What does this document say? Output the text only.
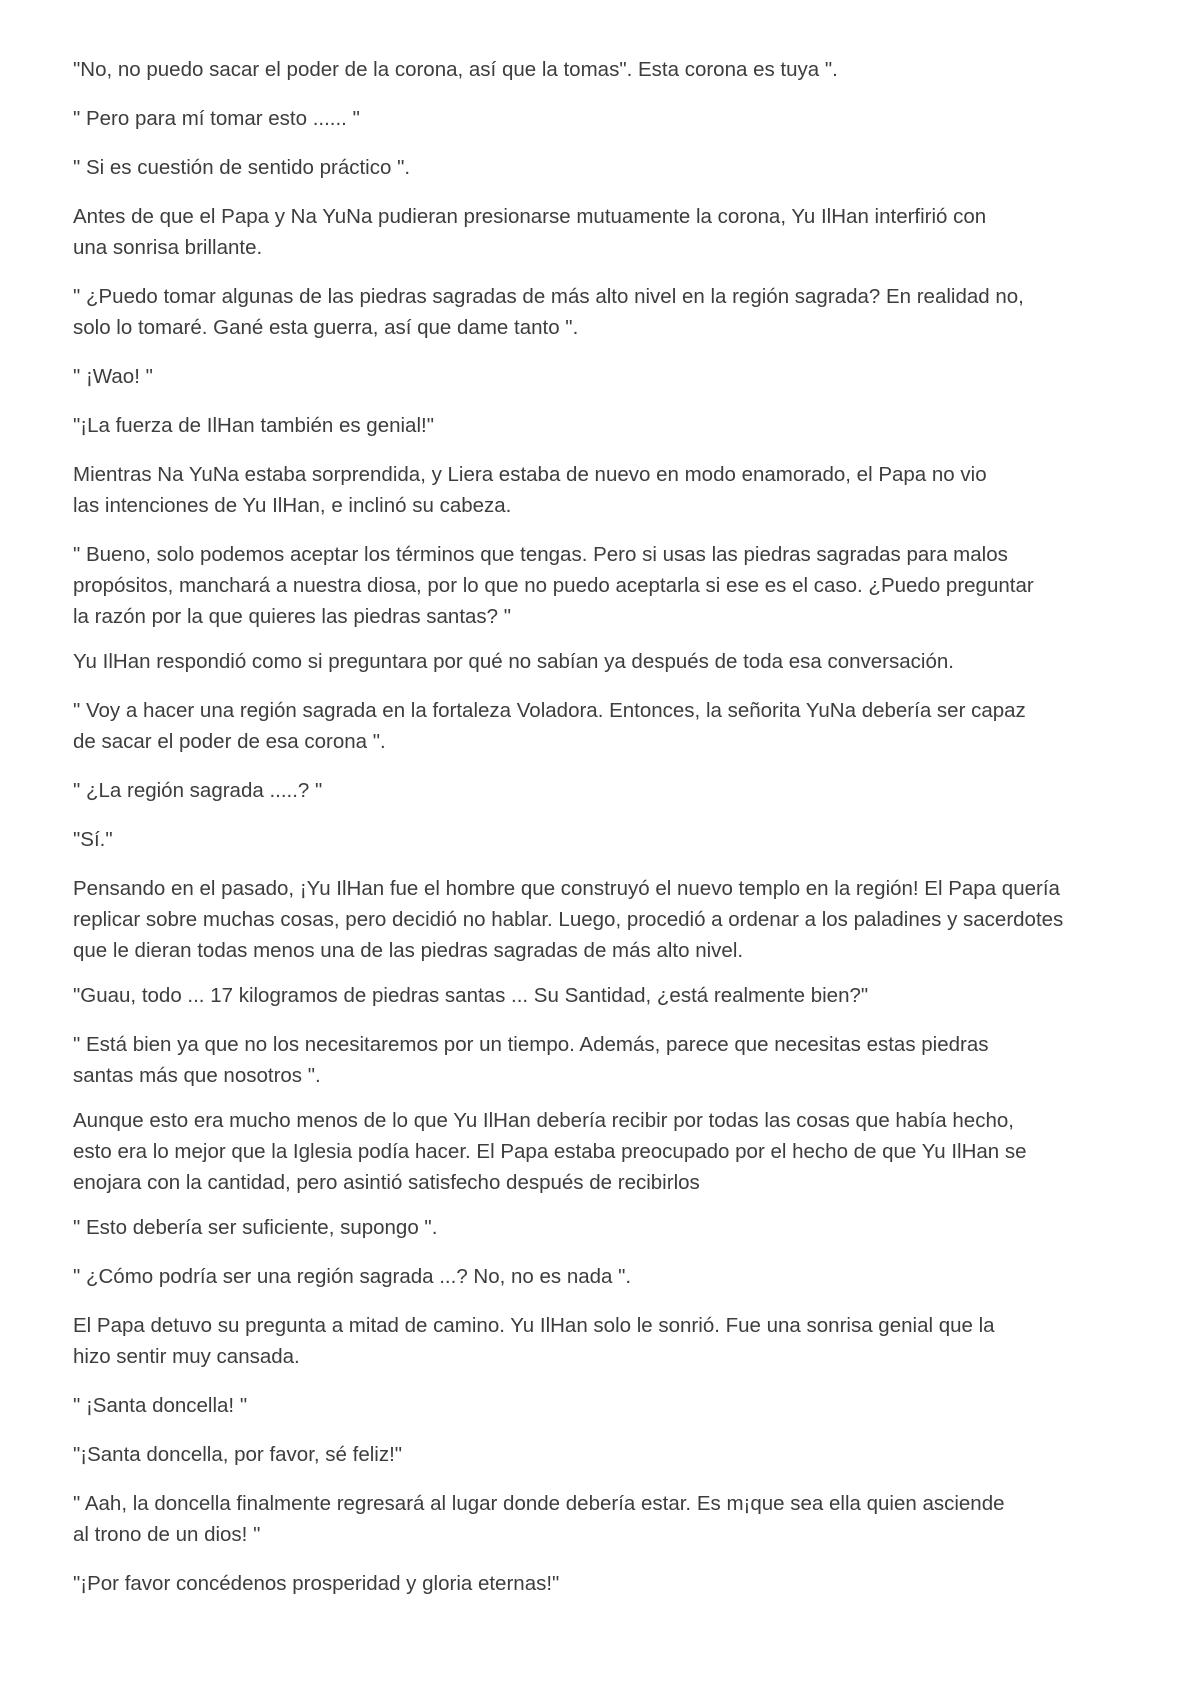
"No, no puedo sacar el poder de la corona, así que la tomas". Esta corona es tuya ".

" Pero para mí tomar esto ...... "

" Si es cuestión de sentido práctico ".

Antes de que el Papa y Na YuNa pudieran presionarse mutuamente la corona, Yu IlHan interfirió con
una sonrisa brillante.

" ¿Puedo tomar algunas de las piedras sagradas de más alto nivel en la región sagrada? En realidad no,
solo lo tomaré. Gané esta guerra, así que dame tanto ".

" ¡Wao! "

"¡La fuerza de IlHan también es genial!"

Mientras Na YuNa estaba sorprendida, y Liera estaba de nuevo en modo enamorado, el Papa no vio
las intenciones de Yu IlHan, e inclinó su cabeza.

" Bueno, solo podemos aceptar los términos que tengas. Pero si usas las piedras sagradas para malos
propósitos, manchará a nuestra diosa, por lo que no puedo aceptarla si ese es el caso. ¿Puedo preguntar
la razón por la que quieres las piedras santas? "

Yu IlHan respondió como si preguntara por qué no sabían ya después de toda esa conversación.

" Voy a hacer una región sagrada en la fortaleza Voladora. Entonces, la señorita YuNa debería ser capaz
de sacar el poder de esa corona ".

" ¿La región sagrada .....? "

"Sí."

Pensando en el pasado, ¡Yu IlHan fue el hombre que construyó el nuevo templo en la región! El Papa quería
replicar sobre muchas cosas, pero decidió no hablar. Luego, procedió a ordenar a los paladines y sacerdotes
que le dieran todas menos una de las piedras sagradas de más alto nivel.

"Guau, todo ... 17 kilogramos de piedras santas ... Su Santidad, ¿está realmente bien?"

" Está bien ya que no los necesitaremos por un tiempo. Además, parece que necesitas estas piedras
santas más que nosotros ".

Aunque esto era mucho menos de lo que Yu IlHan debería recibir por todas las cosas que había hecho,
esto era lo mejor que la Iglesia podía hacer. El Papa estaba preocupado por el hecho de que Yu IlHan se
enojara con la cantidad, pero asintió satisfecho después de recibirlos

" Esto debería ser suficiente, supongo ".

" ¿Cómo podría ser una región sagrada ...? No, no es nada ".

El Papa detuvo su pregunta a mitad de camino. Yu IlHan solo le sonrió. Fue una sonrisa genial que la
hizo sentir muy cansada.

" ¡Santa doncella! "

"¡Santa doncella, por favor, sé feliz!"

" Aah, la doncella finalmente regresará al lugar donde debería estar. Es m¡que sea ella quien asciende
al trono de un dios! "

"¡Por favor concédenos prosperidad y gloria eternas!"
